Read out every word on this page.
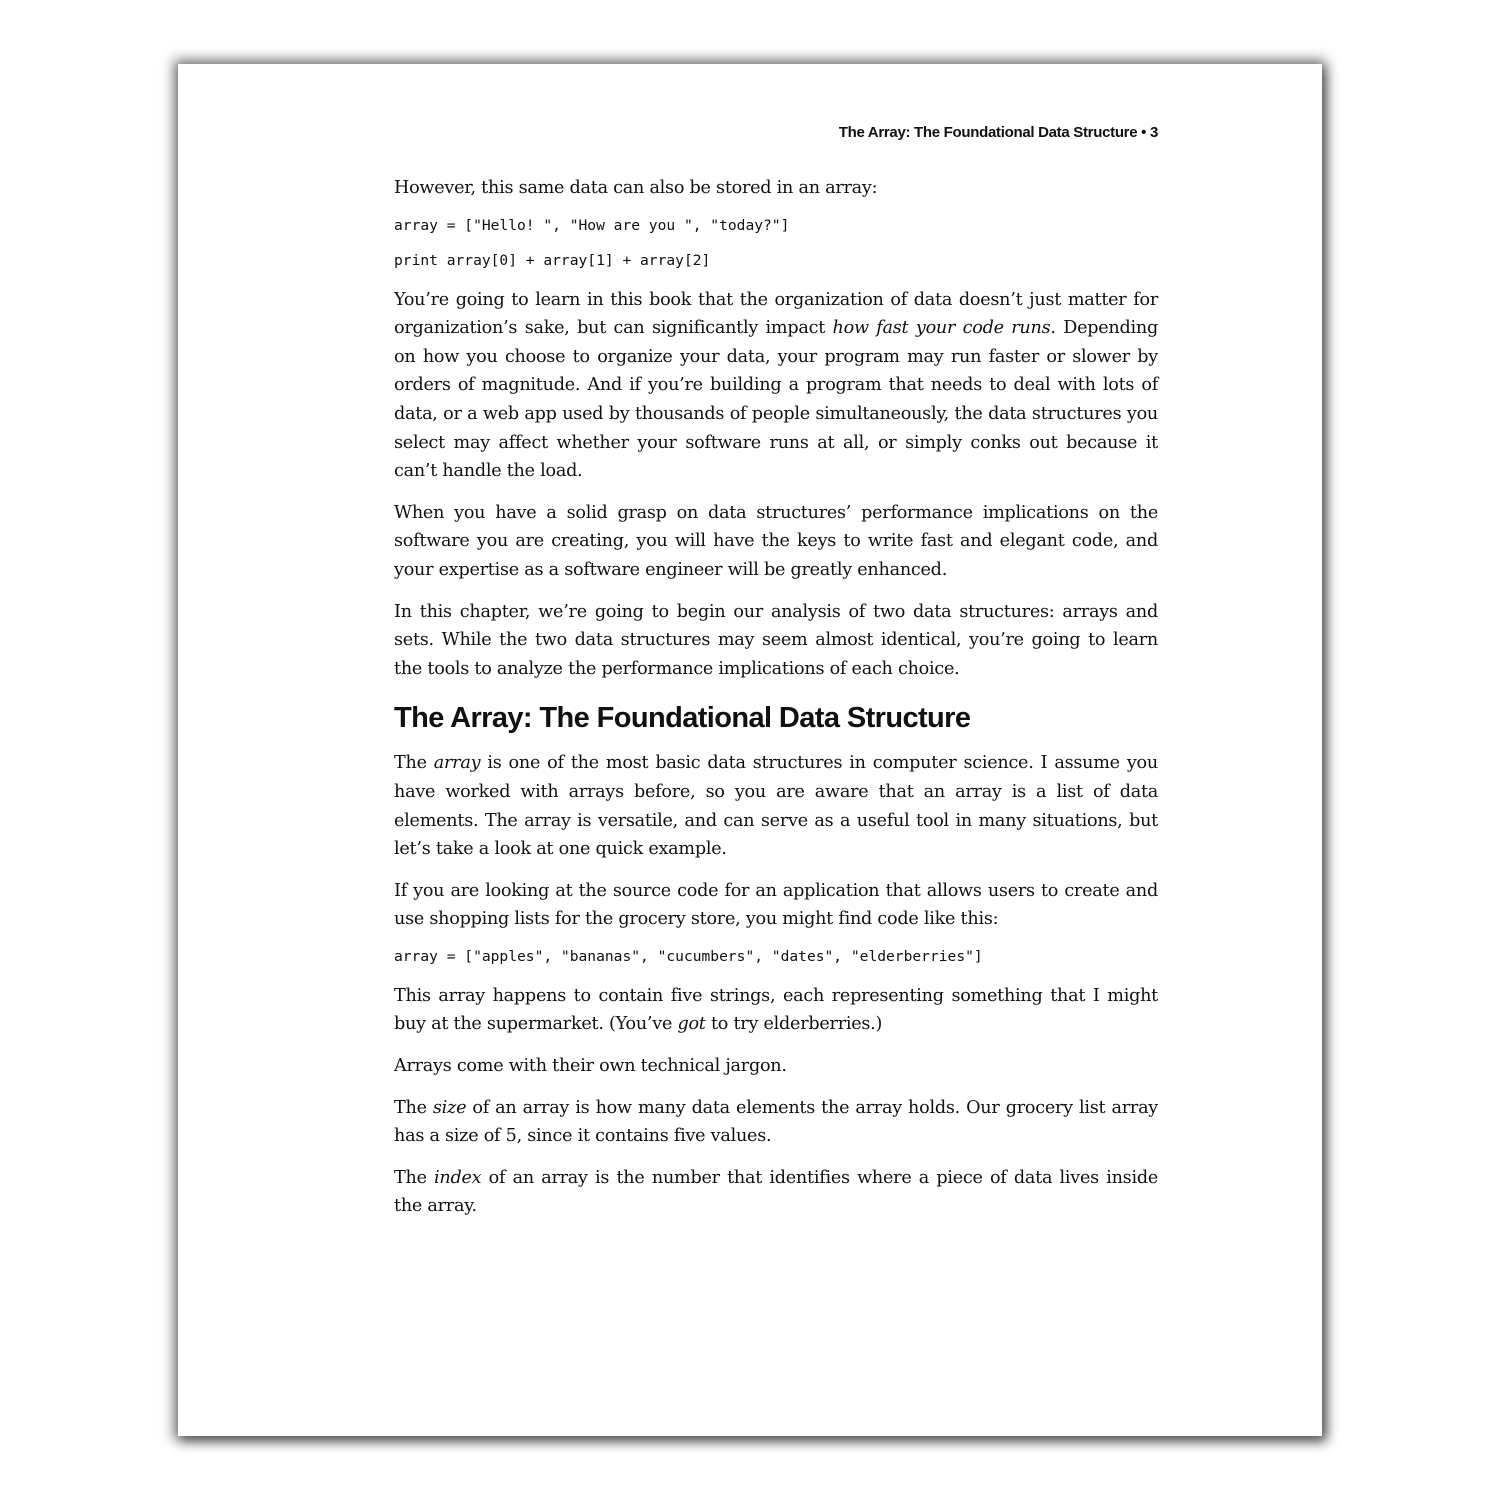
The Array: The Foundational Data Structure • 3

However, this same data can also be stored in an array:

array = ["Hello! ", "How are you ", "today?"]
print array[0] + array[1] + array[2]

You’re going to learn in this book that the organization of data doesn’t just matter for organization’s sake, but can significantly impact how fast your code runs. Depending on how you choose to organize your data, your program may run faster or slower by orders of magnitude. And if you’re building a program that needs to deal with lots of data, or a web app used by thousands of people simultaneously, the data structures you select may affect whether your software runs at all, or simply conks out because it can’t handle the load.

When you have a solid grasp on data structures’ performance implications on the software you are creating, you will have the keys to write fast and elegant code, and your expertise as a software engineer will be greatly enhanced.

In this chapter, we’re going to begin our analysis of two data structures: arrays and sets. While the two data structures may seem almost identical, you’re going to learn the tools to analyze the performance implications of each choice.

The Array: The Foundational Data Structure

The array is one of the most basic data structures in computer science. I assume you have worked with arrays before, so you are aware that an array is a list of data elements. The array is versatile, and can serve as a useful tool in many situations, but let’s take a look at one quick example.

If you are looking at the source code for an application that allows users to create and use shopping lists for the grocery store, you might find code like this:

array = ["apples", "bananas", "cucumbers", "dates", "elderberries"]

This array happens to contain five strings, each representing something that I might buy at the supermarket. (You’ve got to try elderberries.)

Arrays come with their own technical jargon.

The size of an array is how many data elements the array holds. Our grocery list array has a size of 5, since it contains five values.

The index of an array is the number that identifies where a piece of data lives inside the array.
